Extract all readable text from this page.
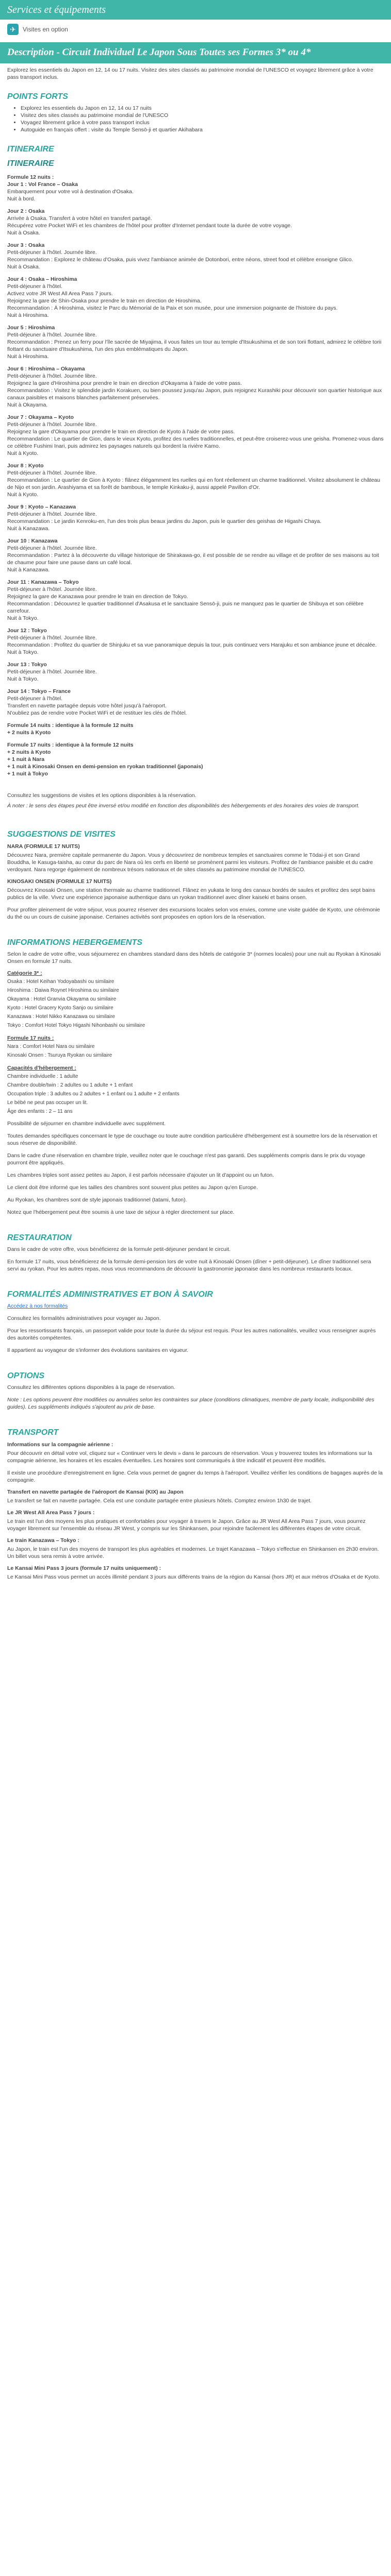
Services et équipements
✈	Visites en option
Description - Circuit Individuel Le Japon Sous Toutes ses Formes 3* ou 4*

Explorez les essentiels du Japon en 12, 14 ou 17 nuits. Visitez des sites classés au patrimoine mondial de l'UNESCO et voyagez librement grâce à votre pass transport inclus.

POINTS FORTS
• Explorez les essentiels du Japon en 12, 14 ou 17 nuits
• Visitez des sites classés au patrimoine mondial de l'UNESCO
• Voyagez librement grâce à votre pass transport inclus
• Autoguide en français offert : visite du Temple Sensō-ji et quartier Akihabara
ITINERAIRE
ITINERAIRE
Formule 12 nuits :
Jour 1 : Vol France – Osaka
Embarquement pour votre vol à destination d'Osaka.
Nuit à bord.
Jour 2 : Osaka
Arrivée à Osaka. Transfert à votre hôtel en transfert partagé.
Récupérez votre Pocket WiFi et les chambres de l'hôtel pour profiter d'Internet pendant toute la durée de votre voyage.
Nuit à Osaka.
Jour 3 : Osaka
Petit-déjeuner à l'hôtel. Journée libre.
Recommandation : Explorez le château d'Osaka, puis vivez l'ambiance animée de Dotonbori, entre néons, street food et célèbre enseigne Glico.
Nuit à Osaka.
Jour 4 : Osaka – Hiroshima
Petit-déjeuner à l'hôtel.
Activez votre JR West All Area Pass 7 jours.
Rejoignez la gare de Shin-Osaka pour prendre le train en direction de Hiroshima.
Recommandation : À Hiroshima, visitez le Parc du Mémorial de la Paix et son musée, pour une immersion poignante de l'histoire du pays.
Nuit à Hiroshima.
Jour 5 : Hiroshima
Petit-déjeuner à l'hôtel. Journée libre.
Recommandation : Prenez un ferry pour l'île sacrée de Miyajima, il vous faites un tour au temple d'Itsukushima et de son torii flottant, admirez le célèbre torii flottant du sanctuaire d'Itsukushima, l'un des plus emblématiques du Japon.
Nuit à Hiroshima.
Jour 6 : Hiroshima – Okayama
Petit-déjeuner à l'hôtel. Journée libre.
Rejoignez la gare d'Hiroshima pour prendre le train en direction d'Okayama à l'aide de votre pass.
Recommandation : Visitez le splendide jardin Korakuen, ou bien poussez jusqu'au Japon, puis rejoignez Kurashiki pour découvrir son quartier historique aux canaux paisibles et maisons blanches parfaitement préservées.
Nuit à Okayama.
Jour 7 : Okayama – Kyoto
Petit-déjeuner à l'hôtel. Journée libre.
Rejoignez la gare d'Okayama pour prendre le train en direction de Kyoto à l'aide de votre pass.
Recommandation : Le quartier de Gion, dans le vieux Kyoto, profitez des ruelles traditionnelles, et peut-être croiserez-vous une geisha. Promenez-vous dans ce célèbre Fushimi Inari, puis admirez les paysages naturels qui bordent la rivière Kamo.
Nuit à Kyoto.
Jour 8 : Kyoto
Petit-déjeuner à l'hôtel. Journée libre.
Recommandation : Le quartier de Gion à Kyoto : flânez élégamment les ruelles qui en font réellement un charme traditionnel. Visitez absolument le château de Nijo et son jardin. Arashiyama et sa forêt de bambous, le temple Kinkaku-ji, aussi appelé Pavillon d'Or.
Nuit à Kyoto.
Jour 9 : Kyoto – Kanazawa
Petit-déjeuner à l'hôtel. Journée libre.
Recommandation : Le jardin Kenroku-en, l'un des trois plus beaux jardins du Japon, puis le quartier des geishas de Higashi Chaya.
Nuit à Kanazawa.
Jour 10 : Kanazawa
Petit-déjeuner à l'hôtel. Journée libre.
Recommandation : Partez à la découverte du village historique de Shirakawa-go, il est possible de se rendre au village et de profiter de ses maisons au toit de chaume pour faire une pause dans un café local.
Nuit à Kanazawa.
Jour 11 : Kanazawa – Tokyo
Petit-déjeuner à l'hôtel. Journée libre.
Rejoignez la gare de Kanazawa pour prendre le train en direction de Tokyo.
Recommandation : Découvrez le quartier traditionnel d'Asakusa et le sanctuaire Sensō-ji, puis ne manquez pas le quartier de Shibuya et son célèbre carrefour.
Nuit à Tokyo.
Jour 12 : Tokyo
Petit-déjeuner à l'hôtel. Journée libre.
Recommandation : Profitez du quartier de Shinjuku et sa vue panoramique depuis la tour, puis continuez vers Harajuku et son ambiance jeune et décalée.
Nuit à Tokyo.
Jour 13 : Tokyo
Petit-déjeuner à l'hôtel. Journée libre.
Nuit à Tokyo.
Jour 14 : Tokyo – France
Petit-déjeuner à l'hôtel.
Transfert en navette partagée depuis votre hôtel jusqu'à l'aéroport.
N'oubliez pas de rendre votre Pocket WiFi et de restituer les clés de l'hôtel.
Formule 14 nuits : identique à la formule 12 nuits
+ 2 nuits à Kyoto
Formule 17 nuits : identique à la formule 12 nuits
+ 2 nuits à Kyoto
+ 1 nuit à Nara
+ 1 nuit à Kinosaki Onsen en demi-pension en ryokan traditionnel (japonais)
+ 1 nuit à Tokyo

Consultez les suggestions de visites et les options disponibles à la réservation.

À noter : le sens des étapes peut être inversé et/ou modifié en fonction des disponibilités des hébergements et des horaires des voies de transport.

SUGGESTIONS DE VISITES
NARA (FORMULE 17 NUITS)

Découvrez Nara, première capitale permanente du Japon. Vous y découvrirez de nombreux temples et sanctuaires comme le Tōdai-ji et son Grand Bouddha, le Kasuga-taisha, au cœur du parc de Nara où les cerfs en liberté se promènent parmi les visiteurs. Profitez de l'ambiance paisible et du cadre verdoyant. Nara regorge également de nombreux trésors nationaux et de sites classés au patrimoine mondial de l'UNESCO.

KINOSAKI ONSEN (FORMULE 17 NUITS)

Découvrez Kinosaki Onsen, une station thermale au charme traditionnel. Flânez en yukata le long des canaux bordés de saules et profitez des sept bains publics de la ville. Vivez une expérience japonaise authentique dans un ryokan traditionnel avec dîner kaiseki et bains onsen.

Pour profiter pleinement de votre séjour, vous pourrez réserver des excursions locales selon vos envies, comme une visite guidée de Kyoto, une cérémonie du thé ou un cours de cuisine japonaise. Certaines activités sont proposées en option lors de la réservation.

INFORMATIONS HEBERGEMENTS

Selon le cadre de votre offre, vous séjournerez en chambres standard dans des hôtels de catégorie 3* (normes locales) pour une nuit au Ryokan à Kinosaki Onsen en formule 17 nuits.

Catégorie 3* :
Osaka : Hotel Keihan Yodoyabashi ou similaire
Hiroshima : Daiwa Roynet Hiroshima ou similaire
Okayama : Hotel Granvia Okayama ou similaire
Kyoto : Hotel Gracery Kyoto Sanjo ou similaire
Kanazawa : Hotel Nikko Kanazawa ou similaire
Tokyo : Comfort Hotel Tokyo Higashi Nihonbashi ou similaire
Formule 17 nuits :
Nara : Comfort Hotel Nara ou similaire
Kinosaki Onsen : Tsuruya Ryokan ou similaire
Capacités d'hébergement :
Chambre individuelle : 1 adulte
Chambre double/twin : 2 adultes ou 1 adulte + 1 enfant
Occupation triple : 3 adultes ou 2 adultes + 1 enfant ou 1 adulte + 2 enfants
Le bébé ne peut pas occuper un lit.
Âge des enfants : 2 – 11 ans

Possibilité de séjourner en chambre individuelle avec supplément.

Toutes demandes spécifiques concernant le type de couchage ou toute autre condition particulière d'hébergement est à soumettre lors de la réservation et sous réserve de disponibilité.

Dans le cadre d'une réservation en chambre triple, veuillez noter que le couchage n'est pas garanti. Des suppléments compris dans le prix du voyage pourront être appliqués.

Les chambres triples sont assez petites au Japon, il est parfois nécessaire d'ajouter un lit d'appoint ou un futon.

Le client doit être informé que les tailles des chambres sont souvent plus petites au Japon qu'en Europe.

Au Ryokan, les chambres sont de style japonais traditionnel (tatami, futon).

Notez que l'hébergement peut être soumis à une taxe de séjour à régler directement sur place.

RESTAURATION

Dans le cadre de votre offre, vous bénéficierez de la formule petit-déjeuner pendant le circuit.

En formule 17 nuits, vous bénéficierez de la formule demi-pension lors de votre nuit à Kinosaki Onsen (dîner + petit-déjeuner). Le dîner traditionnel sera servi au ryokan. Pour les autres repas, nous vous recommandons de découvrir la gastronomie japonaise dans les nombreux restaurants locaux.

FORMALITÉS ADMINISTRATIVES ET BON À SAVOIR

Accédez à nos formalités

Consultez les formalités administratives pour voyager au Japon.

Pour les ressortissants français, un passeport valide pour toute la durée du séjour est requis. Pour les autres nationalités, veuillez vous renseigner auprès des autorités compétentes.

Il appartient au voyageur de s'informer des évolutions sanitaires en vigueur.

OPTIONS

Consultez les différentes options disponibles à la page de réservation.

Note : Les options peuvent être modifiées ou annulées selon les contraintes sur place (conditions climatiques, membre de party locale, indisponibilité des guides). Les suppléments indiqués s'ajoutent au prix de base.

TRANSPORT
Informations sur la compagnie aérienne :

Pour découvrir en détail votre vol, cliquez sur « Continuer vers le devis » dans le parcours de réservation. Vous y trouverez toutes les informations sur la compagnie aérienne, les horaires et les escales éventuelles. Les horaires sont communiqués à titre indicatif et peuvent être modifiés.

Il existe une procédure d'enregistrement en ligne. Cela vous permet de gagner du temps à l'aéroport. Veuillez vérifier les conditions de bagages auprès de la compagnie.

Transfert en navette partagée de l'aéroport de Kansai (KIX) au Japon

Le transfert se fait en navette partagée. Cela est une conduite partagée entre plusieurs hôtels. Comptez environ 1h30 de trajet.

Le JR West All Area Pass 7 jours :

Le train est l'un des moyens les plus pratiques et confortables pour voyager à travers le Japon. Grâce au JR West All Area Pass 7 jours, vous pourrez voyager librement sur l'ensemble du réseau JR West, y compris sur les Shinkansen, pour rejoindre facilement les différentes étapes de votre circuit.

Le train Kanazawa – Tokyo :

Au Japon, le train est l'un des moyens de transport les plus agréables et modernes. Le trajet Kanazawa – Tokyo s'effectue en Shinkansen en 2h30 environ. Un billet vous sera remis à votre arrivée.

Le Kansai Mini Pass 3 jours (formule 17 nuits uniquement) :

Le Kansai Mini Pass vous permet un accès illimité pendant 3 jours aux différents trains de la région du Kansai (hors JR) et aux métros d'Osaka et de Kyoto.
